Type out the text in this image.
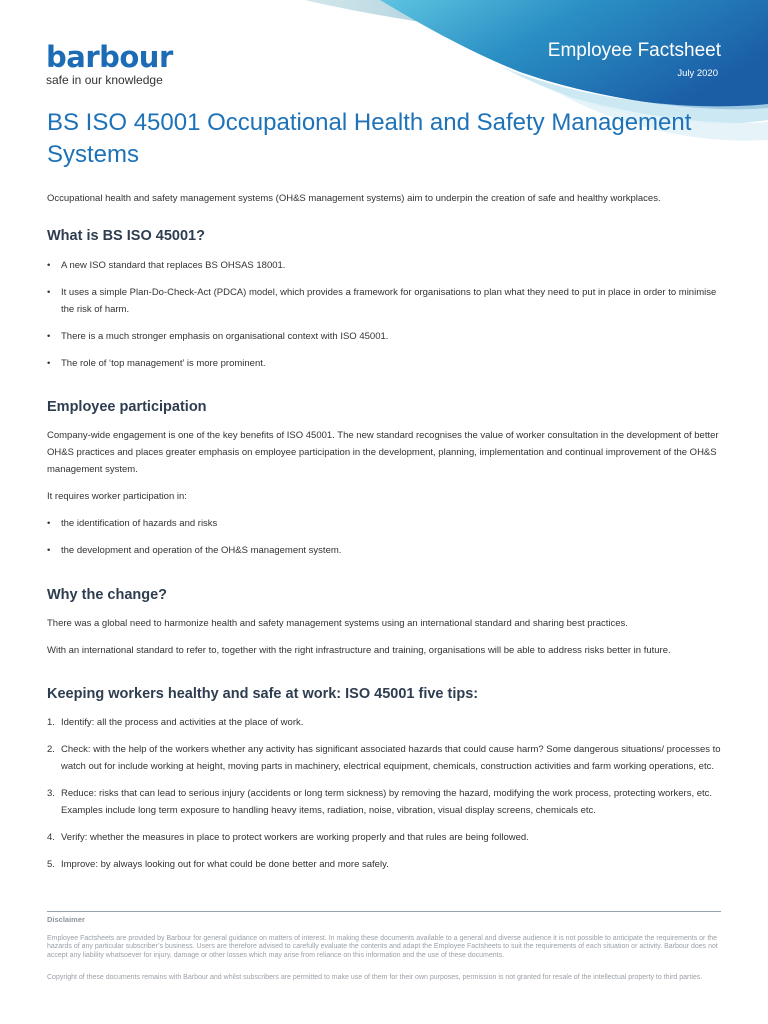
barbour
safe in our knowledge
Employee Factsheet
July 2020
BS ISO 45001 Occupational Health and Safety Management Systems

Occupational health and safety management systems (OH&S management systems) aim to underpin the creation of safe and healthy workplaces.

What is BS ISO 45001?
• A new ISO standard that replaces BS OHSAS 18001.
• It uses a simple Plan-Do-Check-Act (PDCA) model, which provides a framework for organisations to plan what they need to put in place in order to minimise the risk of harm.
• There is a much stronger emphasis on organisational context with ISO 45001.
• The role of ‘top management’ is more prominent.
Employee participation

Company-wide engagement is one of the key benefits of ISO 45001. The new standard recognises the value of worker consultation in the development of better OH&S practices and places greater emphasis on employee participation in the development, planning, implementation and continual improvement of the OH&S management system.

It requires worker participation in:

• the identification of hazards and risks
• the development and operation of the OH&S management system.
Why the change?

There was a global need to harmonize health and safety management systems using an international standard and sharing best practices.

With an international standard to refer to, together with the right infrastructure and training, organisations will be able to address risks better in future.

Keeping workers healthy and safe at work: ISO 45001 five tips:
1. Identify: all the process and activities at the place of work.
2. Check: with the help of the workers whether any activity has significant associated hazards that could cause harm? Some dangerous situations/ processes to watch out for include working at height, moving parts in machinery, electrical equipment, chemicals, construction activities and farm working operations, etc.
3. Reduce: risks that can lead to serious injury (accidents or long term sickness) by removing the hazard, modifying the work process, protecting workers, etc. Examples include long term exposure to handling heavy items, radiation, noise, vibration, visual display screens, chemicals etc.
4. Verify: whether the measures in place to protect workers are working properly and that rules are being followed.
5. Improve: by always looking out for what could be done better and more safely.
Disclaimer
Employee Factsheets are provided by Barbour for general guidance on matters of interest. In making these documents available to a general and diverse audience it is not possible to anticipate the requirements or the hazards of any particular subscriber’s business. Users are therefore advised to carefully evaluate the contents and adapt the Employee Factsheets to suit the requirements of each situation or activity. Barbour does not accept any liability whatsoever for injury, damage or other losses which may arise from reliance on this information and the use of these documents.
Copyright of these documents remains with Barbour and whilst subscribers are permitted to make use of them for their own purposes, permission is not granted for resale of the intellectual property to third parties.
